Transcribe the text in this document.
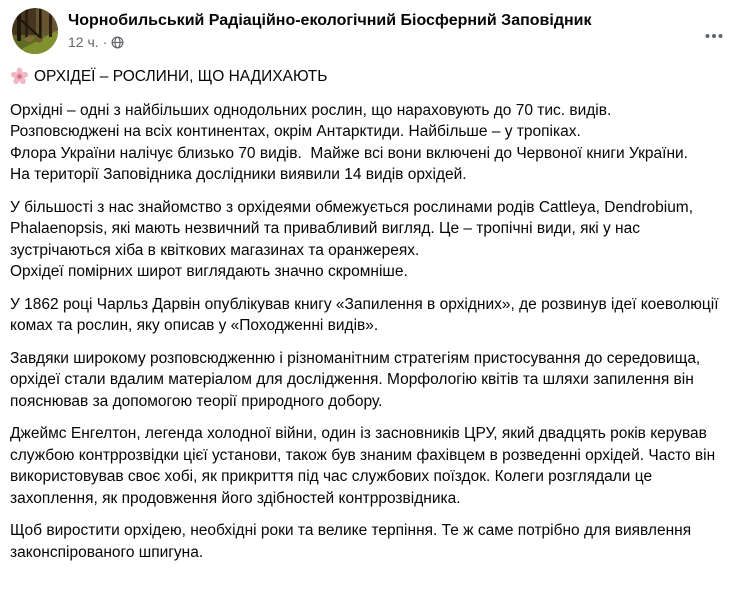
Чорнобильський Радіаційно-екологічний Біосферний Заповідник
12 ч. ·
ОРХІДЕЇ – РОСЛИНИ, ЩО НАДИХАЮТЬ
Орхідні – одні з найбільших однодольних рослин, що нараховують до 70 тис. видів.
Розповсюджені на всіх континентах, окрім Антарктиди. Найбільше – у тропіках.
Флора України налічує близько 70 видів.  Майже всі вони включені до Червоної книги України.
На території Заповідника дослідники виявили 14 видів орхідей.
У більшості з нас знайомство з орхідеями обмежується рослинами родів Cattleya, Dendrobium, Phalaenopsis, які мають незвичний та привабливий вигляд. Це – тропічні види, які у нас зустрічаються хіба в квіткових магазинах та оранжереях.
Орхідеї помірних широт виглядають значно скромніше.
У 1862 році Чарльз Дарвін опублікував книгу «Запилення в орхідних», де розвинув ідеї коеволюції комах та рослин, яку описав у «Походженні видів».
Завдяки широкому розповсюдженню і різноманітним стратегіям пристосування до середовища, орхідеї стали вдалим матеріалом для дослідження. Морфологію квітів та шляхи запилення він пояснював за допомогою теорії природного добору.
Джеймс Енгелтон, легенда холодної війни, один із засновників ЦРУ, який двадцять років керував службою контррозвідки цієї установи, також був знаним фахівцем в розведенні орхідей. Часто він використовував своє хобі, як прикриття під час службових поїздок. Колеги розглядали це захоплення, як продовження його здібностей контррозвідника.
Щоб виростити орхідею, необхідні роки та велике терпіння. Те ж саме потрібно для виявлення законспірованого шпигуна.
